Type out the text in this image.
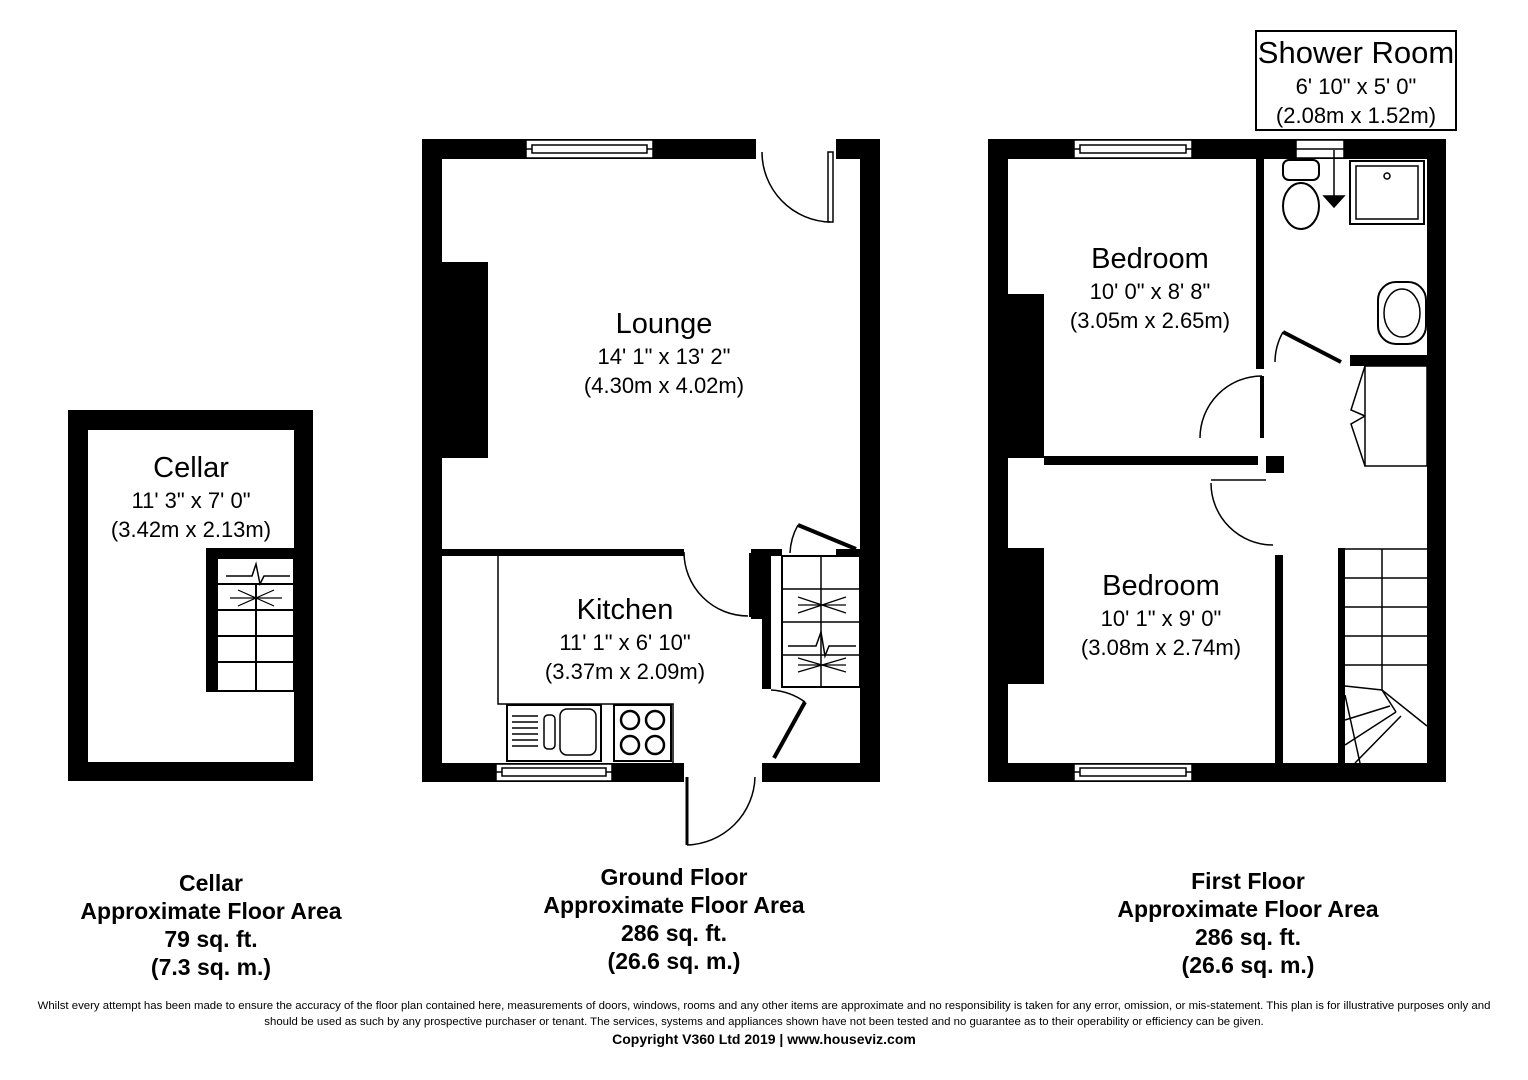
Cellar
11' 3" x 7' 0"
(3.42m x 2.13m)
Lounge
14' 1" x 13' 2"
(4.30m x 4.02m)
Kitchen
11' 1" x 6' 10"
(3.37m x 2.09m)
Bedroom
10' 0" x 8' 8"
(3.05m x 2.65m)
Bedroom
10' 1" x 9' 0"
(3.08m x 2.74m)
Shower Room
6' 10" x 5' 0"
(2.08m x 1.52m)
Cellar
Approximate Floor Area
79 sq. ft.
(7.3 sq. m.)
Ground Floor
Approximate Floor Area
286 sq. ft.
(26.6 sq. m.)
First Floor
Approximate Floor Area
286 sq. ft.
(26.6 sq. m.)
Whilst every attempt has been made to ensure the accuracy of the floor plan contained here, measurements of doors, windows, rooms and any other items are approximate and no responsibility is taken for any error, omission, or mis-statement. This plan is for illustrative purposes only and should be used as such by any prospective purchaser or tenant. The services, systems and appliances shown have not been tested and no guarantee as to their operability or efficiency can be given.
Copyright V360 Ltd 2019 | www.houseviz.com
